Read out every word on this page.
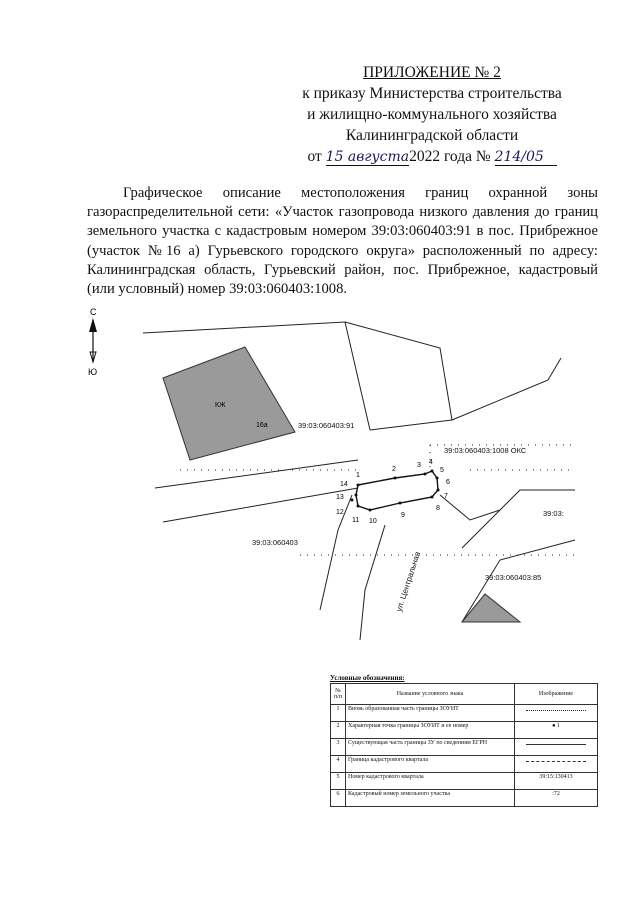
ПРИЛОЖЕНИЕ № 2
к приказу Министерства строительства
и жилищно-коммунального хозяйства
Калининградской области
от 15 августа2022 года № 214/05
Графическое описание местоположения границ охранной зоны газораспределительной сети: «Участок газопровода низкого давления до границ земельного участка с кадастровым номером 39:03:060403:91 в пос. Прибрежное (участок №16 а) Гурьевского городского округа» расположенный по адресу: Калининградская область, Гурьевский район, пос. Прибрежное, кадастровый (или условный) номер 39:03:060403:1008.
С
Ю
КЖ
16а
1
2
3 4
5
6
7
8
9
10
11
12
13
14
39:03:060403:91
39:03:060403:1008 ОКС
39:03:060403
39:03:060403:85
39:03:
ул. Центральная
Условные обозначения:
№ п/п	Название условного знака	Изображение
1	Вновь образованная часть границы ЗОУИТ	

2	Характерная точка границы ЗОУИТ и ее номер	● 1
3	Существующая часть границы ЗУ по сведениям ЕГРН	

4	Граница кадастрового квартала	

5	Номер кадастрового квартала	39:15:130413
6	Кадастровый номер земельного участка	:72
